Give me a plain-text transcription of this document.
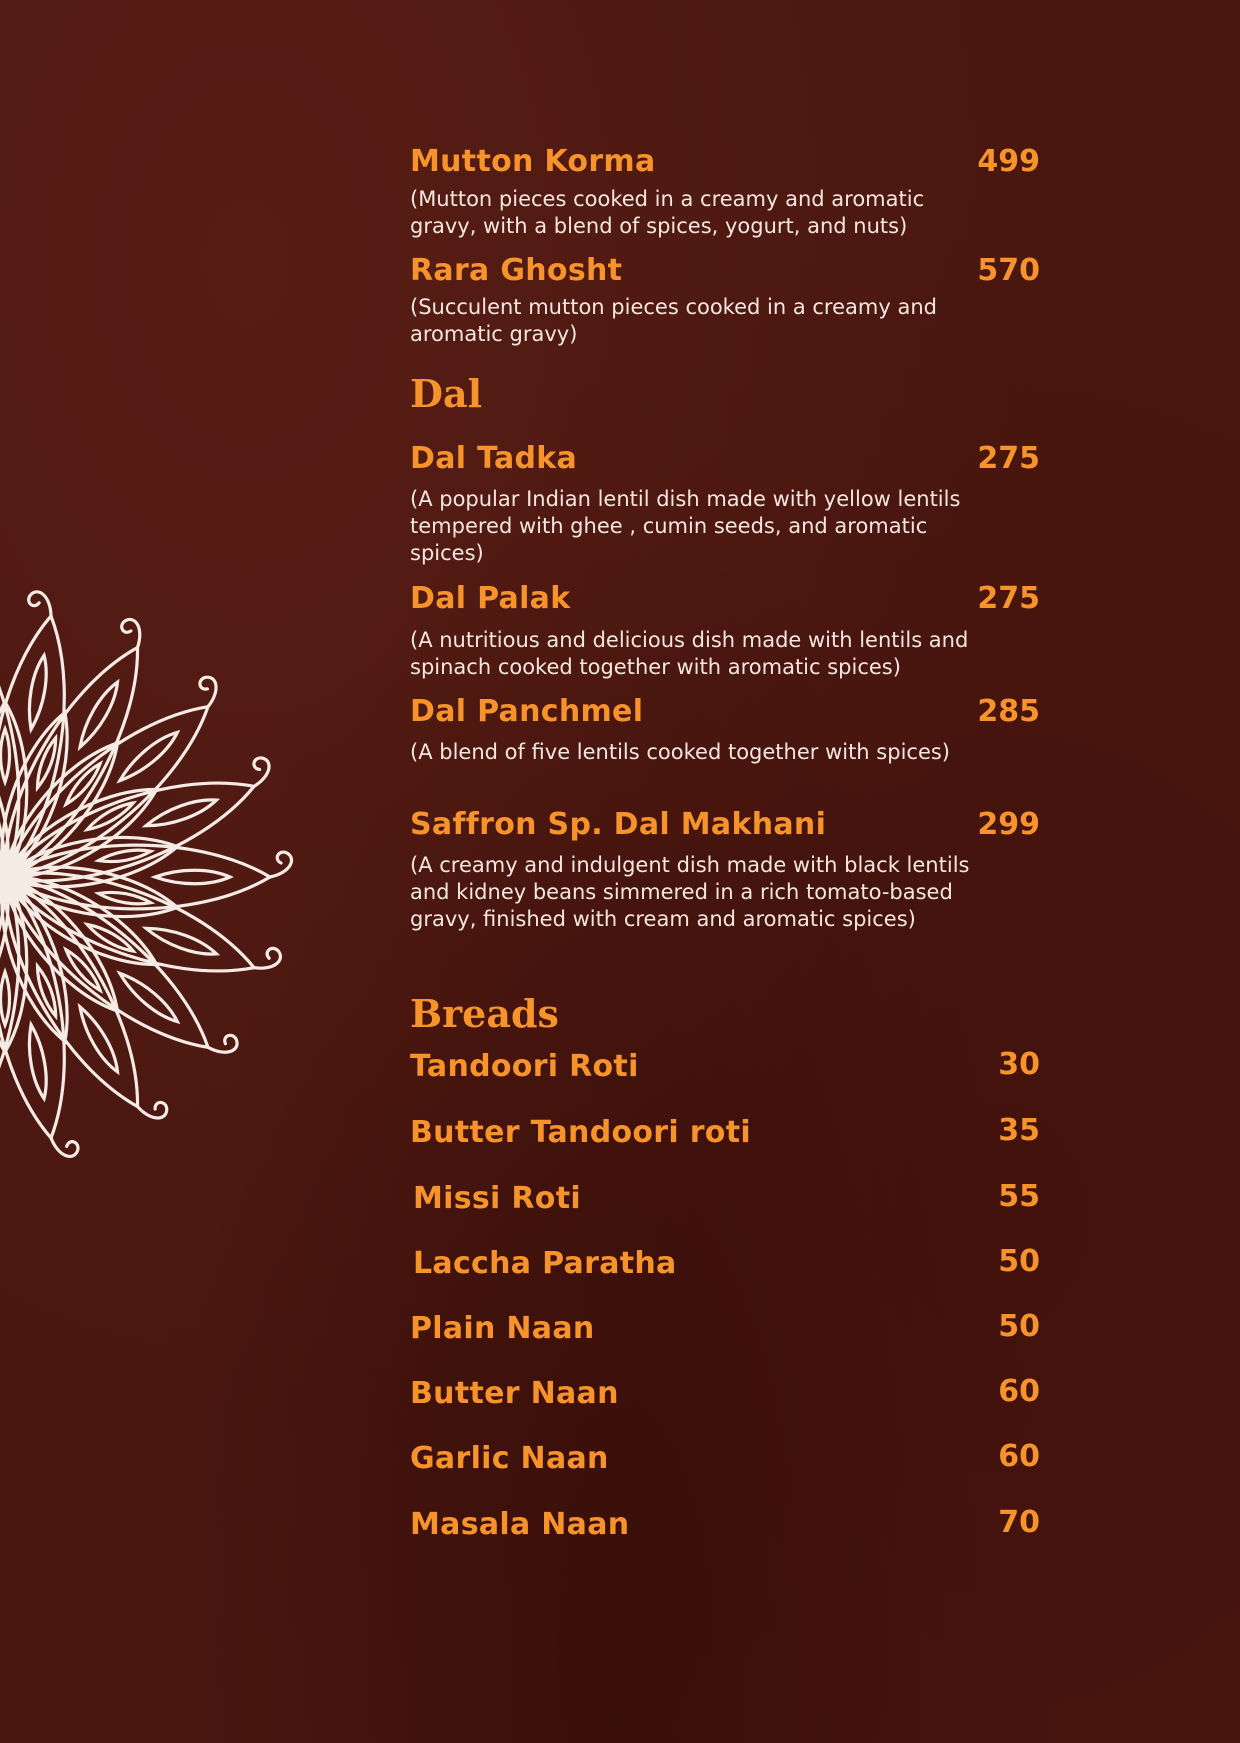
Mutton Korma	499
(Mutton pieces cooked in a creamy and aromatic gravy, with a blend of spices, yogurt, and nuts)
Rara Ghosht	570
(Succulent mutton pieces cooked in a creamy and aromatic gravy)
Dal
Dal Tadka	275
(A popular Indian lentil dish made with yellow lentils tempered with ghee , cumin seeds, and aromatic spices)
Dal Palak	275
(A nutritious and delicious dish made with lentils and spinach cooked together with aromatic spices)
Dal Panchmel	285
(A blend of five lentils cooked together with spices)
Saffron Sp. Dal Makhani	299
(A creamy and indulgent dish made with black lentils and kidney beans simmered in a rich tomato-based gravy, finished with cream and aromatic spices)
Breads
Tandoori Roti	30
Butter Tandoori roti	35
Missi Roti	55
Laccha Paratha	50
Plain Naan	50
Butter Naan	60
Garlic Naan	60
Masala Naan	70
